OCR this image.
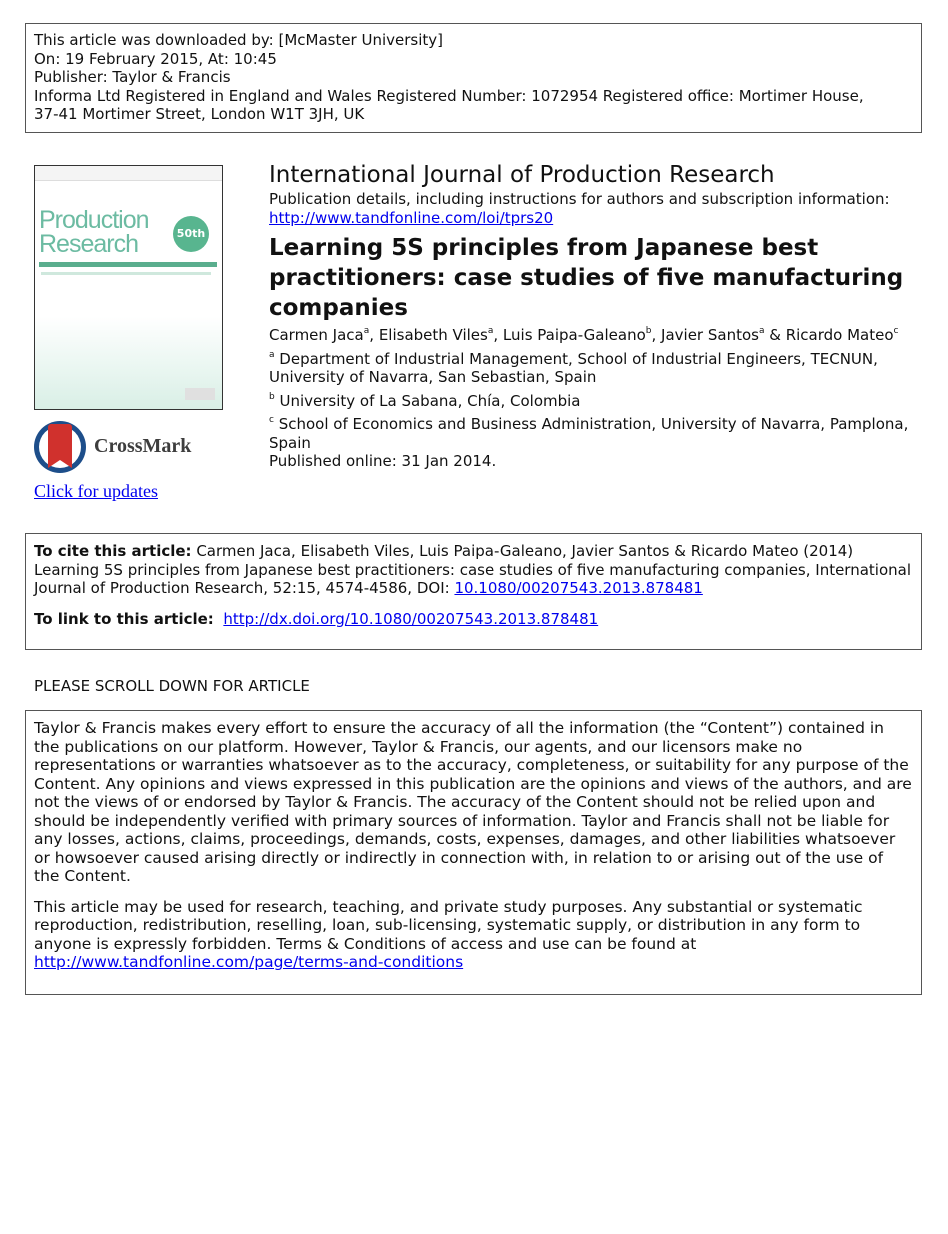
This article was downloaded by: [McMaster University]
On: 19 February 2015, At: 10:45
Publisher: Taylor & Francis
Informa Ltd Registered in England and Wales Registered Number: 1072954 Registered office: Mortimer House,
37-41 Mortimer Street, London W1T 3JH, UK
Production
Research	50th
CrossMark
Click for updates
International Journal of Production Research
Publication details, including instructions for authors and subscription information:
http://www.tandfonline.com/loi/tprs20
Learning 5S principles from Japanese best
practitioners: case studies of five manufacturing
companies
Carmen Jaca$^a$, Elisabeth Viles$^a$, Luis Paipa-Galeano$^b$, Javier Santos$^a$ & Ricardo Mateo$^c$
$^a$ Department of Industrial Management, School of Industrial Engineers, TECNUN, University of Navarra, San Sebastian, Spain
$^b$ University of La Sabana, Chía, Colombia
$^c$ School of Economics and Business Administration, University of Navarra, Pamplona, Spain
Published online: 31 Jan 2014.
To cite this article: Carmen Jaca, Elisabeth Viles, Luis Paipa-Galeano, Javier Santos & Ricardo Mateo (2014) Learning 5S principles from Japanese best practitioners: case studies of five manufacturing companies, International Journal of Production Research, 52:15, 4574-4586, DOI: 10.1080/00207543.2013.878481
To link to this article: http://dx.doi.org/10.1080/00207543.2013.878481
PLEASE SCROLL DOWN FOR ARTICLE

Taylor & Francis makes every effort to ensure the accuracy of all the information (the “Content”) contained in the publications on our platform. However, Taylor & Francis, our agents, and our licensors make no representations or warranties whatsoever as to the accuracy, completeness, or suitability for any purpose of the Content. Any opinions and views expressed in this publication are the opinions and views of the authors, and are not the views of or endorsed by Taylor & Francis. The accuracy of the Content should not be relied upon and should be independently verified with primary sources of information. Taylor and Francis shall not be liable for any losses, actions, claims, proceedings, demands, costs, expenses, damages, and other liabilities whatsoever or howsoever caused arising directly or indirectly in connection with, in relation to or arising out of the use of the Content.

This article may be used for research, teaching, and private study purposes. Any substantial or systematic reproduction, redistribution, reselling, loan, sub-licensing, systematic supply, or distribution in any form to anyone is expressly forbidden. Terms & Conditions of access and use can be found at http://www.tandfonline.com/page/terms-and-conditions
